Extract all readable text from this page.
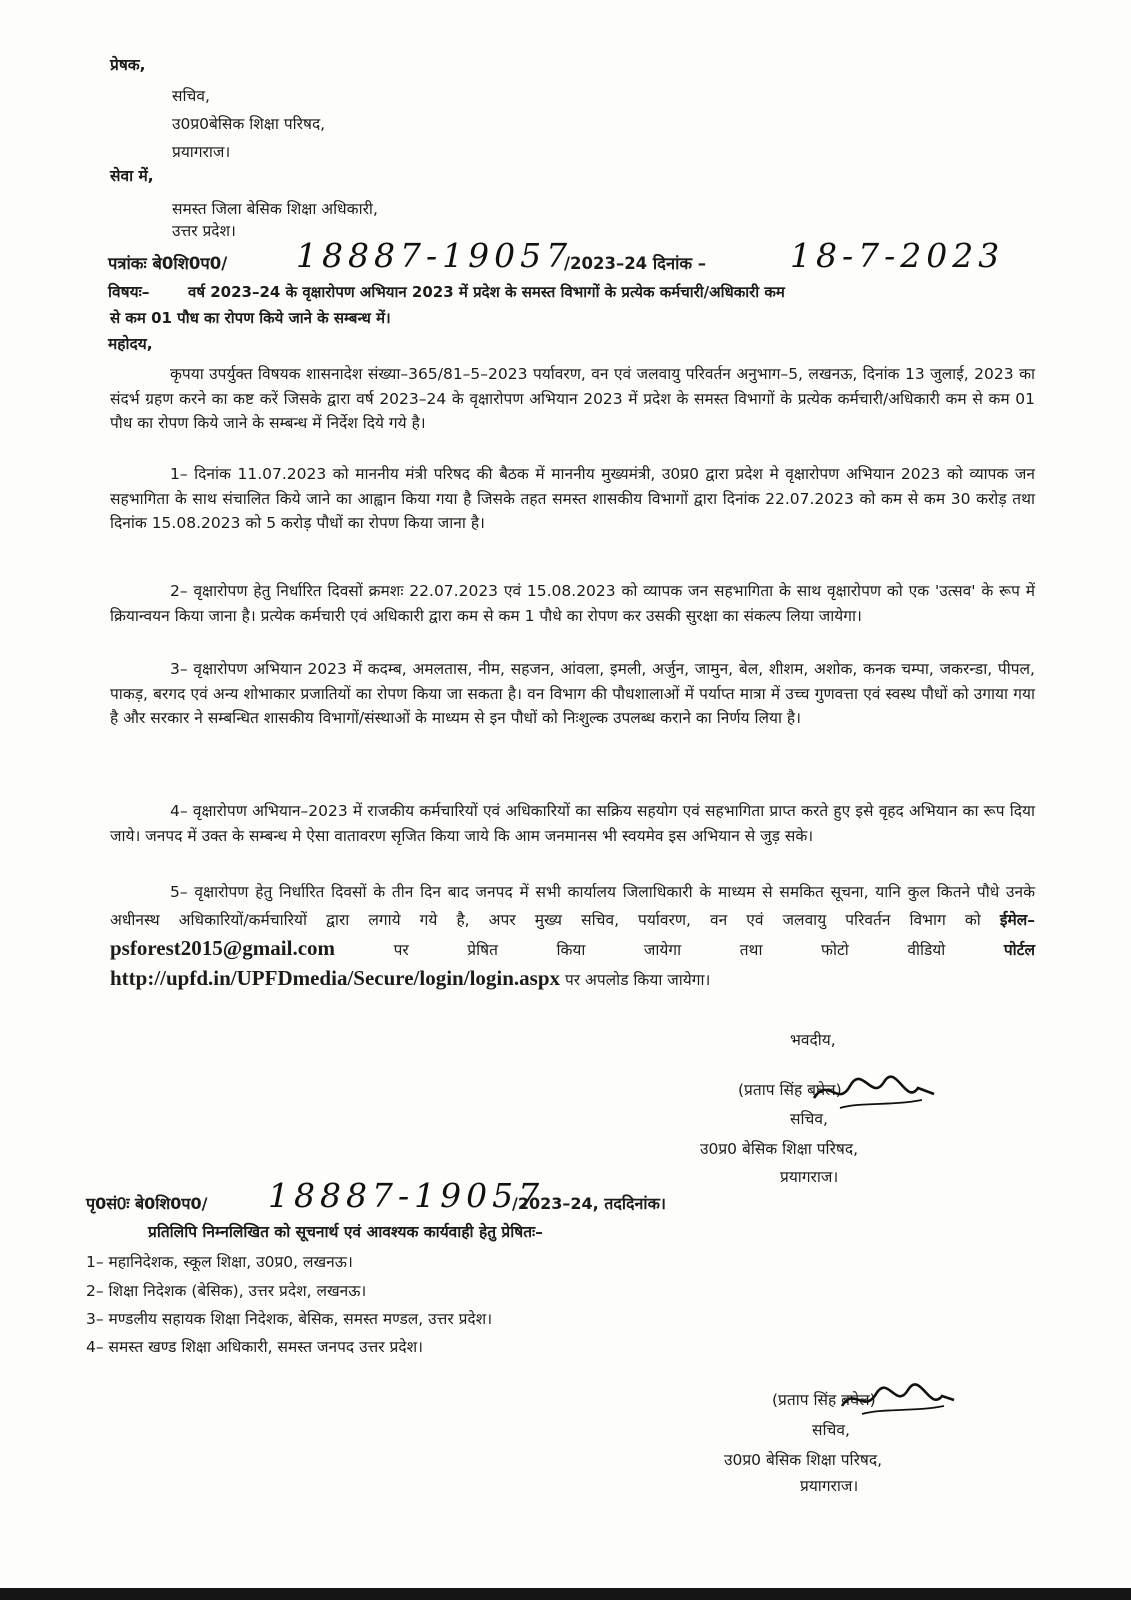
प्रेषक,
सचिव,
उ0प्र0बेसिक शिक्षा परिषद,
प्रयागराज।
सेवा में,
समस्त जिला बेसिक शिक्षा अधिकारी,
उत्तर प्रदेश।
पत्रांकः बे0शि0प0/ 18887-19057
/2023–24 दिनांक –	18-7-2023
विषयः–	वर्ष 2023–24 के वृक्षारोपण अभियान 2023 में प्रदेश के समस्त विभागों के प्रत्येक कर्मचारी/अधिकारी कम
से कम 01 पौध का रोपण किये जाने के सम्बन्ध में।
महोदय,
कृपया उपर्युक्त विषयक शासनादेश संख्या–365/81–5–2023 पर्यावरण, वन एवं जलवायु परिवर्तन अनुभाग–5, लखनऊ, दिनांक 13 जुलाई, 2023 का संदर्भ ग्रहण करने का कष्ट करें जिसके द्वारा वर्ष 2023–24 के वृक्षारोपण अभियान 2023 में प्रदेश के समस्त विभागों के प्रत्येक कर्मचारी/अधिकारी कम से कम 01 पौध का रोपण किये जाने के सम्बन्ध में निर्देश दिये गये है।
1– दिनांक 11.07.2023 को माननीय मंत्री परिषद की बैठक में माननीय मुख्यमंत्री, उ0प्र0 द्वारा प्रदेश मे वृक्षारोपण अभियान 2023 को व्यापक जन सहभागिता के साथ संचालित किये जाने का आह्वान किया गया है जिसके तहत समस्त शासकीय विभागों द्वारा दिनांक 22.07.2023 को कम से कम 30 करोड़ तथा दिनांक 15.08.2023 को 5 करोड़ पौधों का रोपण किया जाना है।
2– वृक्षारोपण हेतु निर्धारित दिवसों क्रमशः 22.07.2023 एवं 15.08.2023 को व्यापक जन सहभागिता के साथ वृक्षारोपण को एक 'उत्सव' के रूप में क्रियान्वयन किया जाना है। प्रत्येक कर्मचारी एवं अधिकारी द्वारा कम से कम 1 पौधे का रोपण कर उसकी सुरक्षा का संकल्प लिया जायेगा।
3– वृक्षारोपण अभियान 2023 में कदम्ब, अमलतास, नीम, सहजन, आंवला, इमली, अर्जुन, जामुन, बेल, शीशम, अशोक, कनक चम्पा, जकरन्डा, पीपल, पाकड़, बरगद एवं अन्य शोभाकार प्रजातियों का रोपण किया जा सकता है। वन विभाग की पौधशालाओं में पर्याप्त मात्रा में उच्च गुणवत्ता एवं स्वस्थ पौधों को उगाया गया है और सरकार ने सम्बन्धित शासकीय विभागों/संस्थाओं के माध्यम से इन पौधों को निःशुल्क उपलब्ध कराने का निर्णय लिया है।
4– वृक्षारोपण अभियान–2023 में राजकीय कर्मचारियों एवं अधिकारियों का सक्रिय सहयोग एवं सहभागिता प्राप्त करते हुए इसे वृहद अभियान का रूप दिया जाये। जनपद में उक्त के सम्बन्ध मे ऐसा वातावरण सृजित किया जाये कि आम जनमानस भी स्वयमेव इस अभियान से जुड़ सके।
5– वृक्षारोपण हेतु निर्धारित दिवसों के तीन दिन बाद जनपद में सभी कार्यालय जिलाधिकारी के माध्यम से समकित सूचना, यानि कुल कितने पौधे उनके अधीनस्थ अधिकारियों/कर्मचारियों द्वारा लगाये गये है, अपर मुख्य सचिव, पर्यावरण, वन एवं जलवायु परिवर्तन विभाग को ईमेल– psforest2015@gmail.com	पर प्रेषित किया जायेगा तथा फोटो वीडियो	पोर्टल http://upfd.in/UPFDmedia/Secure/login/login.aspx पर अपलोड किया जायेगा।
भवदीय,
(प्रताप सिंह बघेल)
सचिव,
उ0प्र0 बेसिक शिक्षा परिषद,
प्रयागराज।
पृ0सं0ः बे0शि0प0/ 18887-19057
/2023–24, तददिनांक।
प्रतिलिपि निम्नलिखित को सूचनार्थ एवं आवश्यक कार्यवाही हेतु प्रेषितः–
1– महानिदेशक, स्कूल शिक्षा, उ0प्र0, लखनऊ।
2– शिक्षा निदेशक (बेसिक), उत्तर प्रदेश, लखनऊ।
3– मण्डलीय सहायक शिक्षा निदेशक, बेसिक, समस्त मण्डल, उत्तर प्रदेश।
4– समस्त खण्ड शिक्षा अधिकारी, समस्त जनपद उत्तर प्रदेश।
(प्रताप सिंह बघेल)
सचिव,
उ0प्र0 बेसिक शिक्षा परिषद,
प्रयागराज।
